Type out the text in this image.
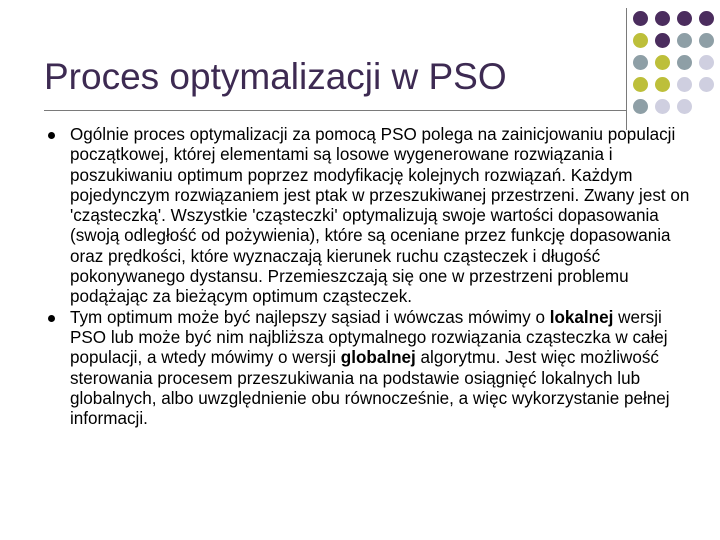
Proces optymalizacji w PSO
Ogólnie proces optymalizacji za pomocą PSO polega na zainicjowaniu populacji początkowej, której elementami są losowe wygenerowane rozwiązania i poszukiwaniu optimum poprzez modyfikację kolejnych rozwiązań. Każdym pojedynczym rozwiązaniem jest ptak w przeszukiwanej przestrzeni. Zwany jest on 'cząsteczką'. Wszystkie 'cząsteczki' optymalizują swoje wartości dopasowania (swoją odległość od pożywienia), które są oceniane przez funkcję dopasowania oraz prędkości, które wyznaczają kierunek ruchu cząsteczek i długość pokonywanego dystansu. Przemieszczają się one w przestrzeni problemu podążając za bieżącym optimum cząsteczek.
Tym optimum może być najlepszy sąsiad i wówczas mówimy o lokalnej wersji PSO lub może być nim najbliższa optymalnego rozwiązania cząsteczka w całej populacji, a wtedy mówimy o wersji globalnej algorytmu. Jest więc możliwość sterowania procesem przeszukiwania na podstawie osiągnięć lokalnych lub globalnych, albo uwzględnienie obu równocześnie, a więc wykorzystanie pełnej informacji.
